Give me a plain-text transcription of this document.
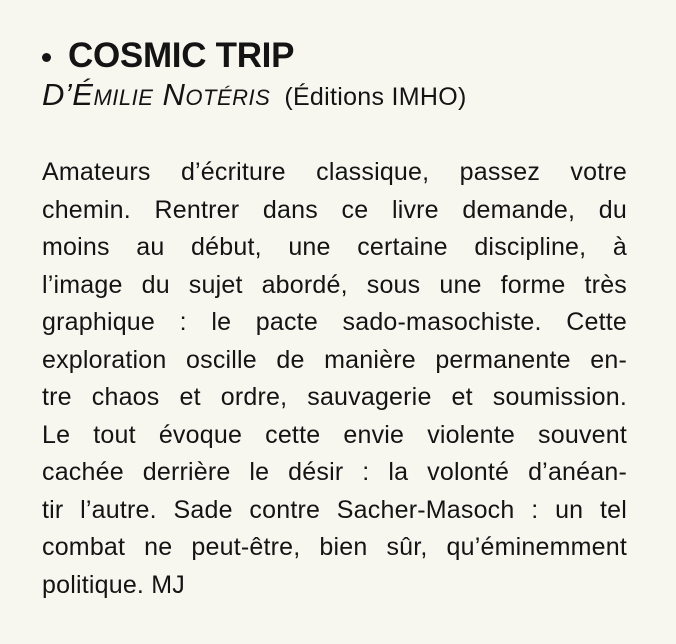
COSMIC TRIP
D’Émilie Notéris (Éditions IMHO)
Amateurs d’écriture classique, passez votre
chemin. Rentrer dans ce livre demande, du
moins au début, une certaine discipline, à
l’image du sujet abordé, sous une forme très
graphique : le pacte sado-masochiste. Cette
exploration oscille de manière permanente en-
tre chaos et ordre, sauvagerie et soumission.
Le tout évoque cette envie violente souvent
cachée derrière le désir : la volonté d’anéan-
tir l’autre. Sade contre Sacher-Masoch : un tel
combat ne peut-être, bien sûr, qu’éminemment
politique. MJ
